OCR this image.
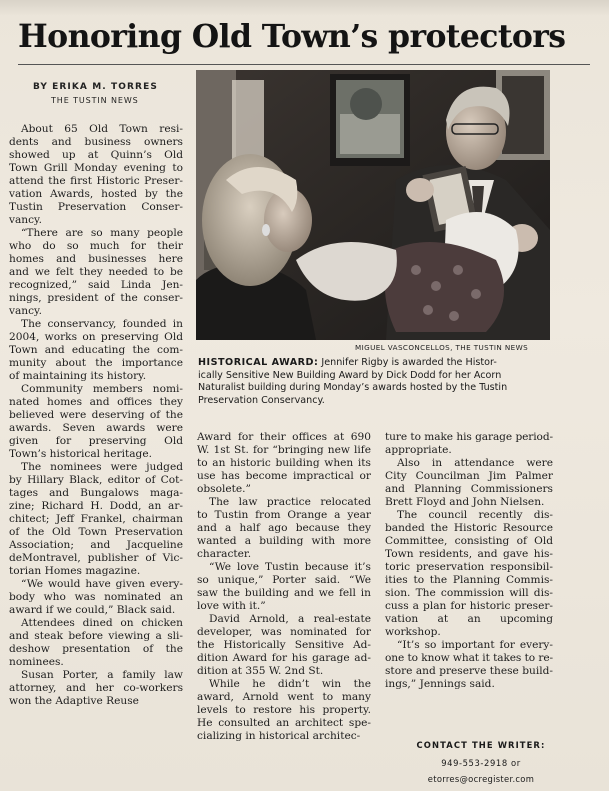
Honoring Old Town’s protectors
BY ERIKA M. TORRES
THE TUSTIN NEWS
About 65 Old Town resi-
dents and business owners
showed up at Quinn’s Old
Town Grill Monday evening to
attend the first Historic Preser-
vation Awards, hosted by the
Tustin Preservation Conser-
vancy.
“There are so many people
who do so much for their
homes and businesses here
and we felt they needed to be
recognized,” said Linda Jen-
nings, president of the conser-
vancy.
The conservancy, founded in
2004, works on preserving Old
Town and educating the com-
munity about the importance
of maintaining its history.
Community members nomi-
nated homes and offices they
believed were deserving of the
awards. Seven awards were
given for preserving Old
Town’s historical heritage.
The nominees were judged
by Hillary Black, editor of Cot-
tages and Bungalows maga-
zine; Richard H. Dodd, an ar-
chitect; Jeff Frankel, chairman
of the Old Town Preservation
Association; and Jacqueline
deMontravel, publisher of Vic-
torian Homes magazine.
“We would have given every-
body who was nominated an
award if we could,” Black said.
Attendees dined on chicken
and steak before viewing a sli-
deshow presentation of the
nominees.
Susan Porter, a family law
attorney, and her co-workers
won the Adaptive Reuse
MIGUEL VASCONCELLOS, THE TUSTIN NEWS
HISTORICAL AWARD: Jennifer Rigby is awarded the Histor-
ically Sensitive New Building Award by Dick Dodd for her Acorn
Naturalist building during Monday’s awards hosted by the Tustin
Preservation Conservancy.
Award for their offices at 690
W. 1st St. for “bringing new life
to an historic building when its
use has become impractical or
obsolete.”
The law practice relocated
to Tustin from Orange a year
and a half ago because they
wanted a building with more
character.
“We love Tustin because it’s
so unique,” Porter said. “We
saw the building and we fell in
love with it.”
David Arnold, a real-estate
developer, was nominated for
the Historically Sensitive Ad-
dition Award for his garage ad-
dition at 355 W. 2nd St.
While he didn’t win the
award, Arnold went to many
levels to restore his property.
He consulted an architect spe-
cializing in historical architec-
ture to make his garage period-
appropriate.
Also in attendance were
City Councilman Jim Palmer
and Planning Commissioners
Brett Floyd and John Nielsen.
The council recently dis-
banded the Historic Resource
Committee, consisting of Old
Town residents, and gave his-
toric preservation responsibil-
ities to the Planning Commis-
sion. The commission will dis-
cuss a plan for historic preser-
vation at an upcoming
workshop.
“It’s so important for every-
one to know what it takes to re-
store and preserve these build-
ings,” Jennings said.
CONTACT THE WRITER:
949-553-2918 or
etorres@ocregister.com
